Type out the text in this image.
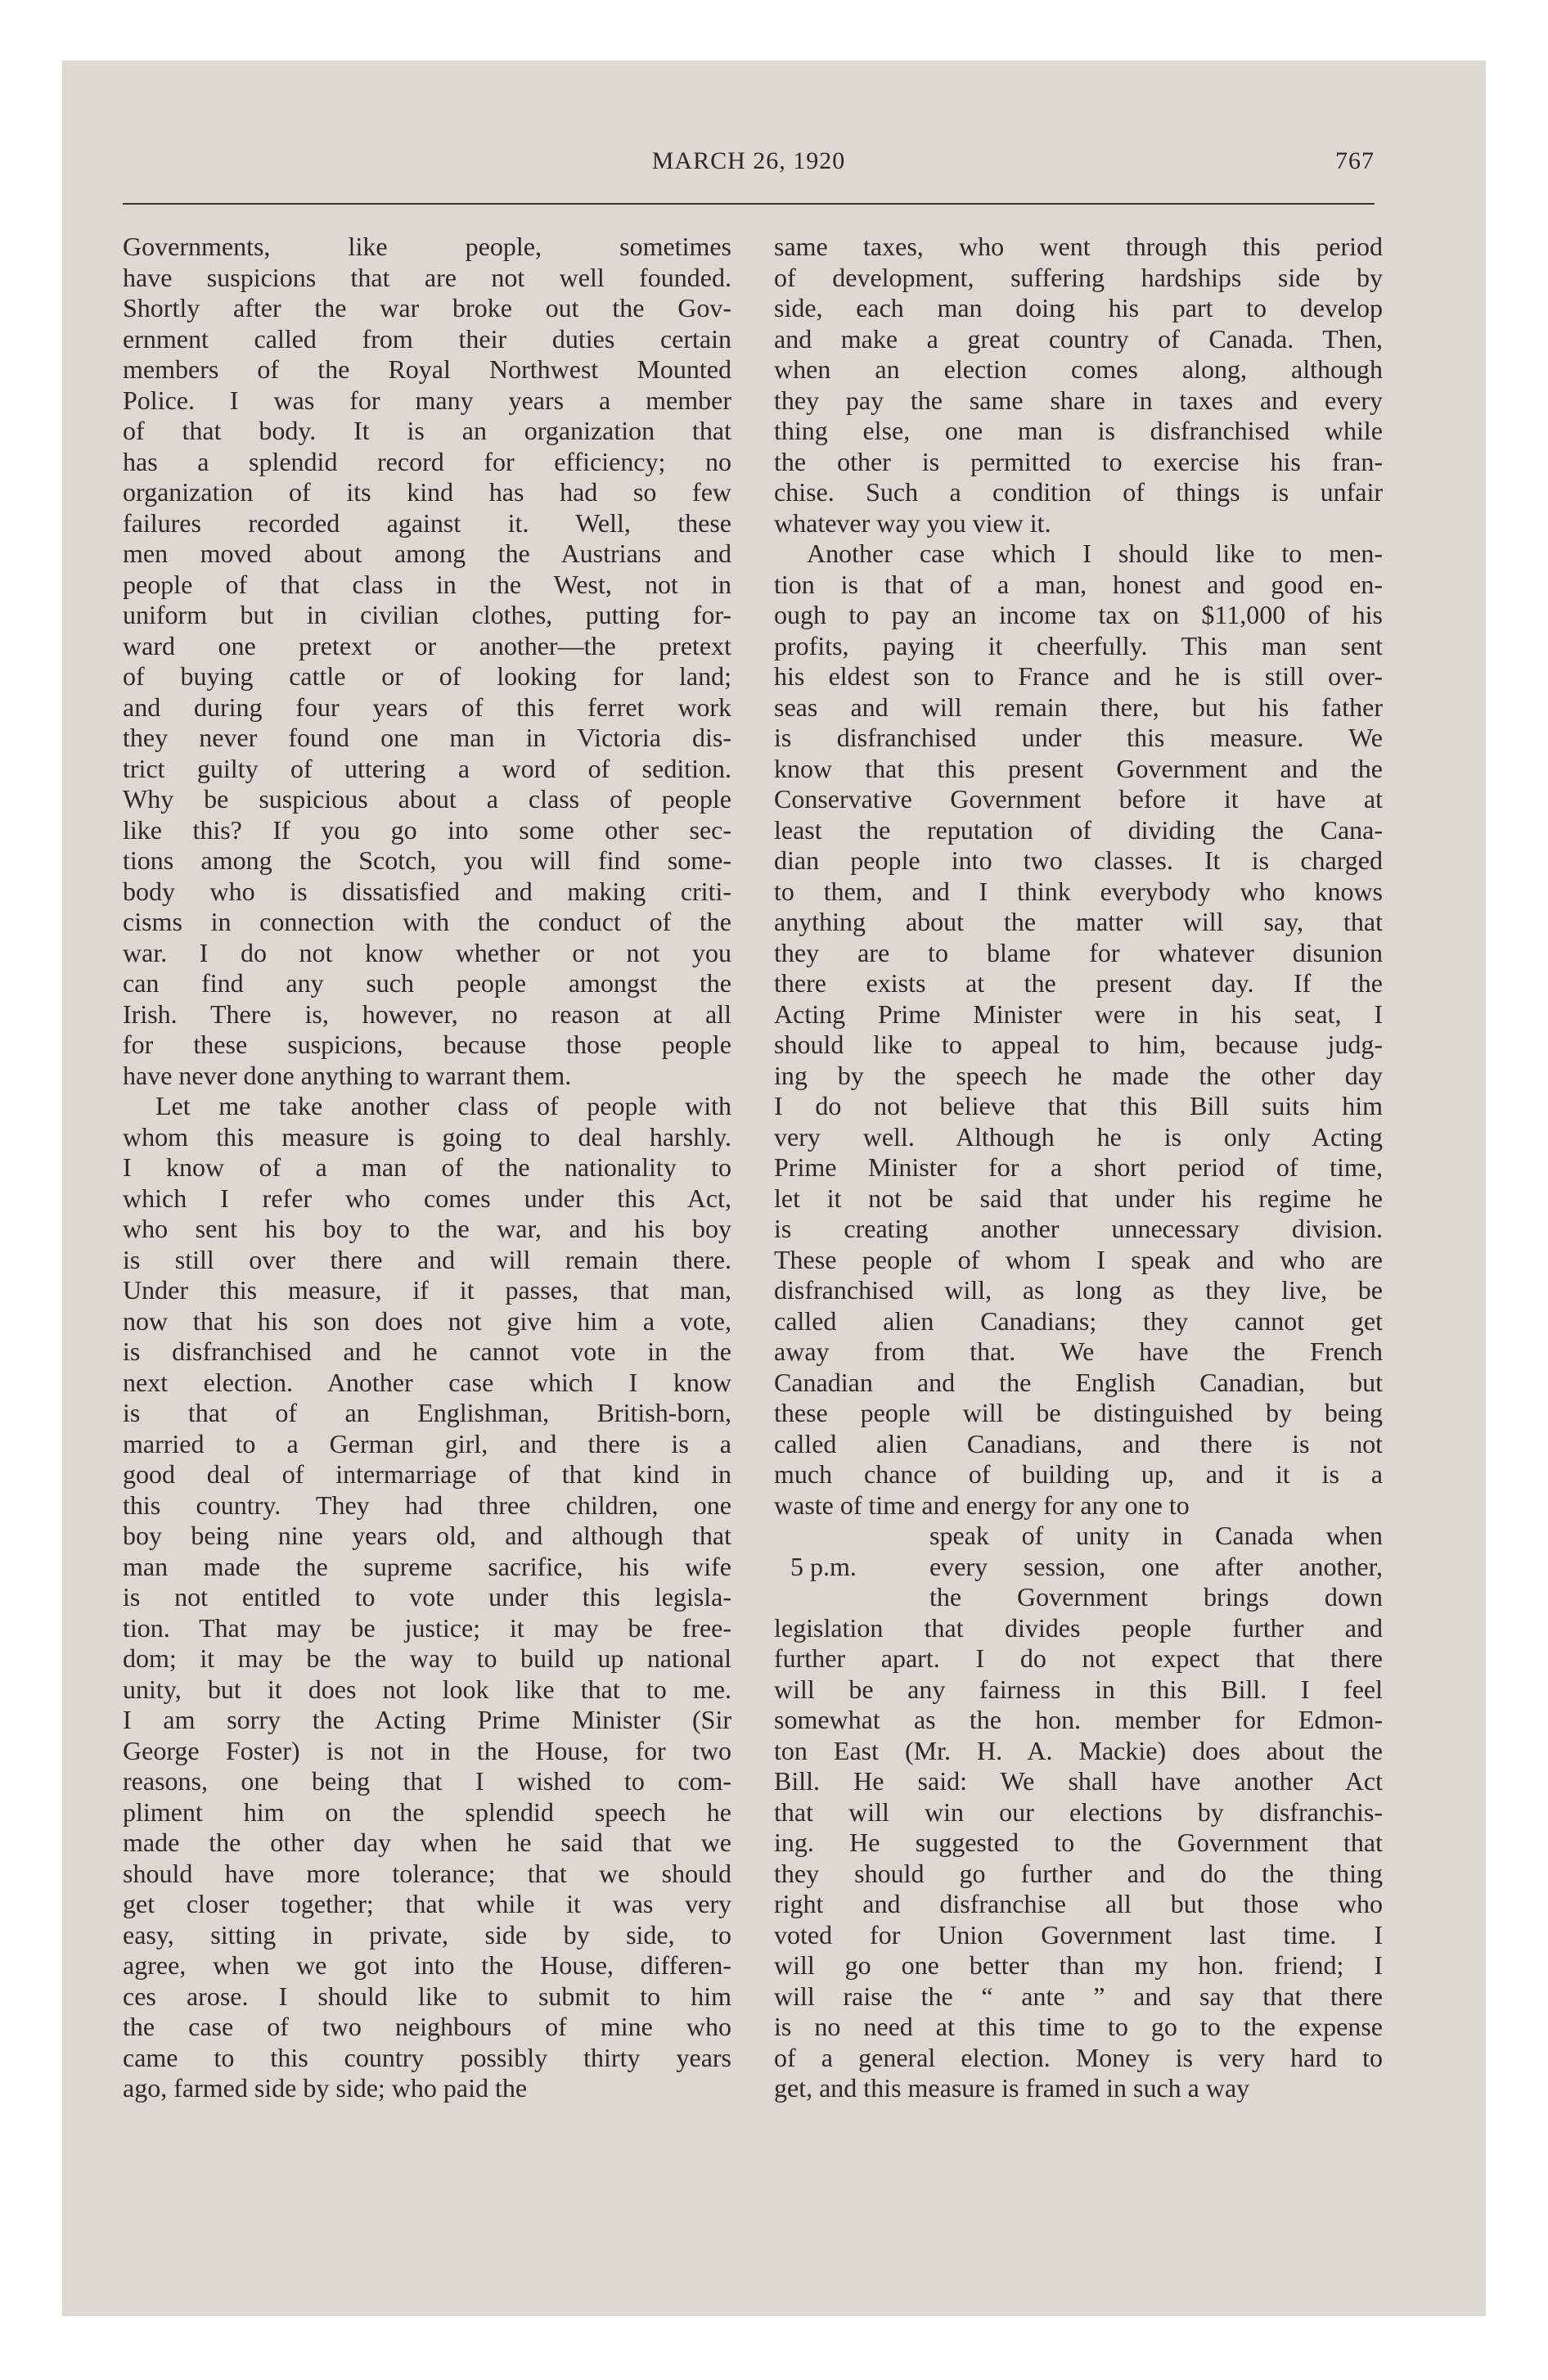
MARCH 26, 1920	767
Governments, like people, sometimes
have suspicions that are not well founded.
Shortly after the war broke out the Gov-
ernment called from their duties certain
members of the Royal Northwest Mounted
Police. I was for many years a member
of that body. It is an organization that
has a splendid record for efficiency; no
organization of its kind has had so few
failures recorded against it. Well, these
men moved about among the Austrians and
people of that class in the West, not in
uniform but in civilian clothes, putting for-
ward one pretext or another—the pretext
of buying cattle or of looking for land;
and during four years of this ferret work
they never found one man in Victoria dis-
trict guilty of uttering a word of sedition.
Why be suspicious about a class of people
like this? If you go into some other sec-
tions among the Scotch, you will find some-
body who is dissatisfied and making criti-
cisms in connection with the conduct of the
war. I do not know whether or not you
can find any such people amongst the
Irish. There is, however, no reason at all
for these suspicions, because those people
have never done anything to warrant them.
Let me take another class of people with
whom this measure is going to deal harshly.
I know of a man of the nationality to
which I refer who comes under this Act,
who sent his boy to the war, and his boy
is still over there and will remain there.
Under this measure, if it passes, that man,
now that his son does not give him a vote,
is disfranchised and he cannot vote in the
next election. Another case which I know
is that of an Englishman, British-born,
married to a German girl, and there is a
good deal of intermarriage of that kind in
this country. They had three children, one
boy being nine years old, and although that
man made the supreme sacrifice, his wife
is not entitled to vote under this legisla-
tion. That may be justice; it may be free-
dom; it may be the way to build up national
unity, but it does not look like that to me.
I am sorry the Acting Prime Minister (Sir
George Foster) is not in the House, for two
reasons, one being that I wished to com-
pliment him on the splendid speech he
made the other day when he said that we
should have more tolerance; that we should
get closer together; that while it was very
easy, sitting in private, side by side, to
agree, when we got into the House, differen-
ces arose. I should like to submit to him
the case of two neighbours of mine who
came to this country possibly thirty years
ago, farmed side by side; who paid the
same taxes, who went through this period
of development, suffering hardships side by
side, each man doing his part to develop
and make a great country of Canada. Then,
when an election comes along, although
they pay the same share in taxes and every
thing else, one man is disfranchised while
the other is permitted to exercise his fran-
chise. Such a condition of things is unfair
whatever way you view it.
Another case which I should like to men-
tion is that of a man, honest and good en-
ough to pay an income tax on $11,000 of his
profits, paying it cheerfully. This man sent
his eldest son to France and he is still over-
seas and will remain there, but his father
is disfranchised under this measure. We
know that this present Government and the
Conservative Government before it have at
least the reputation of dividing the Cana-
dian people into two classes. It is charged
to them, and I think everybody who knows
anything about the matter will say, that
they are to blame for whatever disunion
there exists at the present day. If the
Acting Prime Minister were in his seat, I
should like to appeal to him, because judg-
ing by the speech he made the other day
I do not believe that this Bill suits him
very well. Although he is only Acting
Prime Minister for a short period of time,
let it not be said that under his regime he
is creating another unnecessary division.
These people of whom I speak and who are
disfranchised will, as long as they live, be
called alien Canadians; they cannot get
away from that. We have the French
Canadian and the English Canadian, but
these people will be distinguished by being
called alien Canadians, and there is not
much chance of building up, and it is a
waste of time and energy for any one to
5 p.m.
speak of unity in Canada when
every session, one after another,
the Government brings down
legislation that divides people further and
further apart. I do not expect that there
will be any fairness in this Bill. I feel
somewhat as the hon. member for Edmon-
ton East (Mr. H. A. Mackie) does about the
Bill. He said: We shall have another Act
that will win our elections by disfranchis-
ing. He suggested to the Government that
they should go further and do the thing
right and disfranchise all but those who
voted for Union Government last time. I
will go one better than my hon. friend; I
will raise the “ ante ” and say that there
is no need at this time to go to the expense
of a general election. Money is very hard to
get, and this measure is framed in such a way
